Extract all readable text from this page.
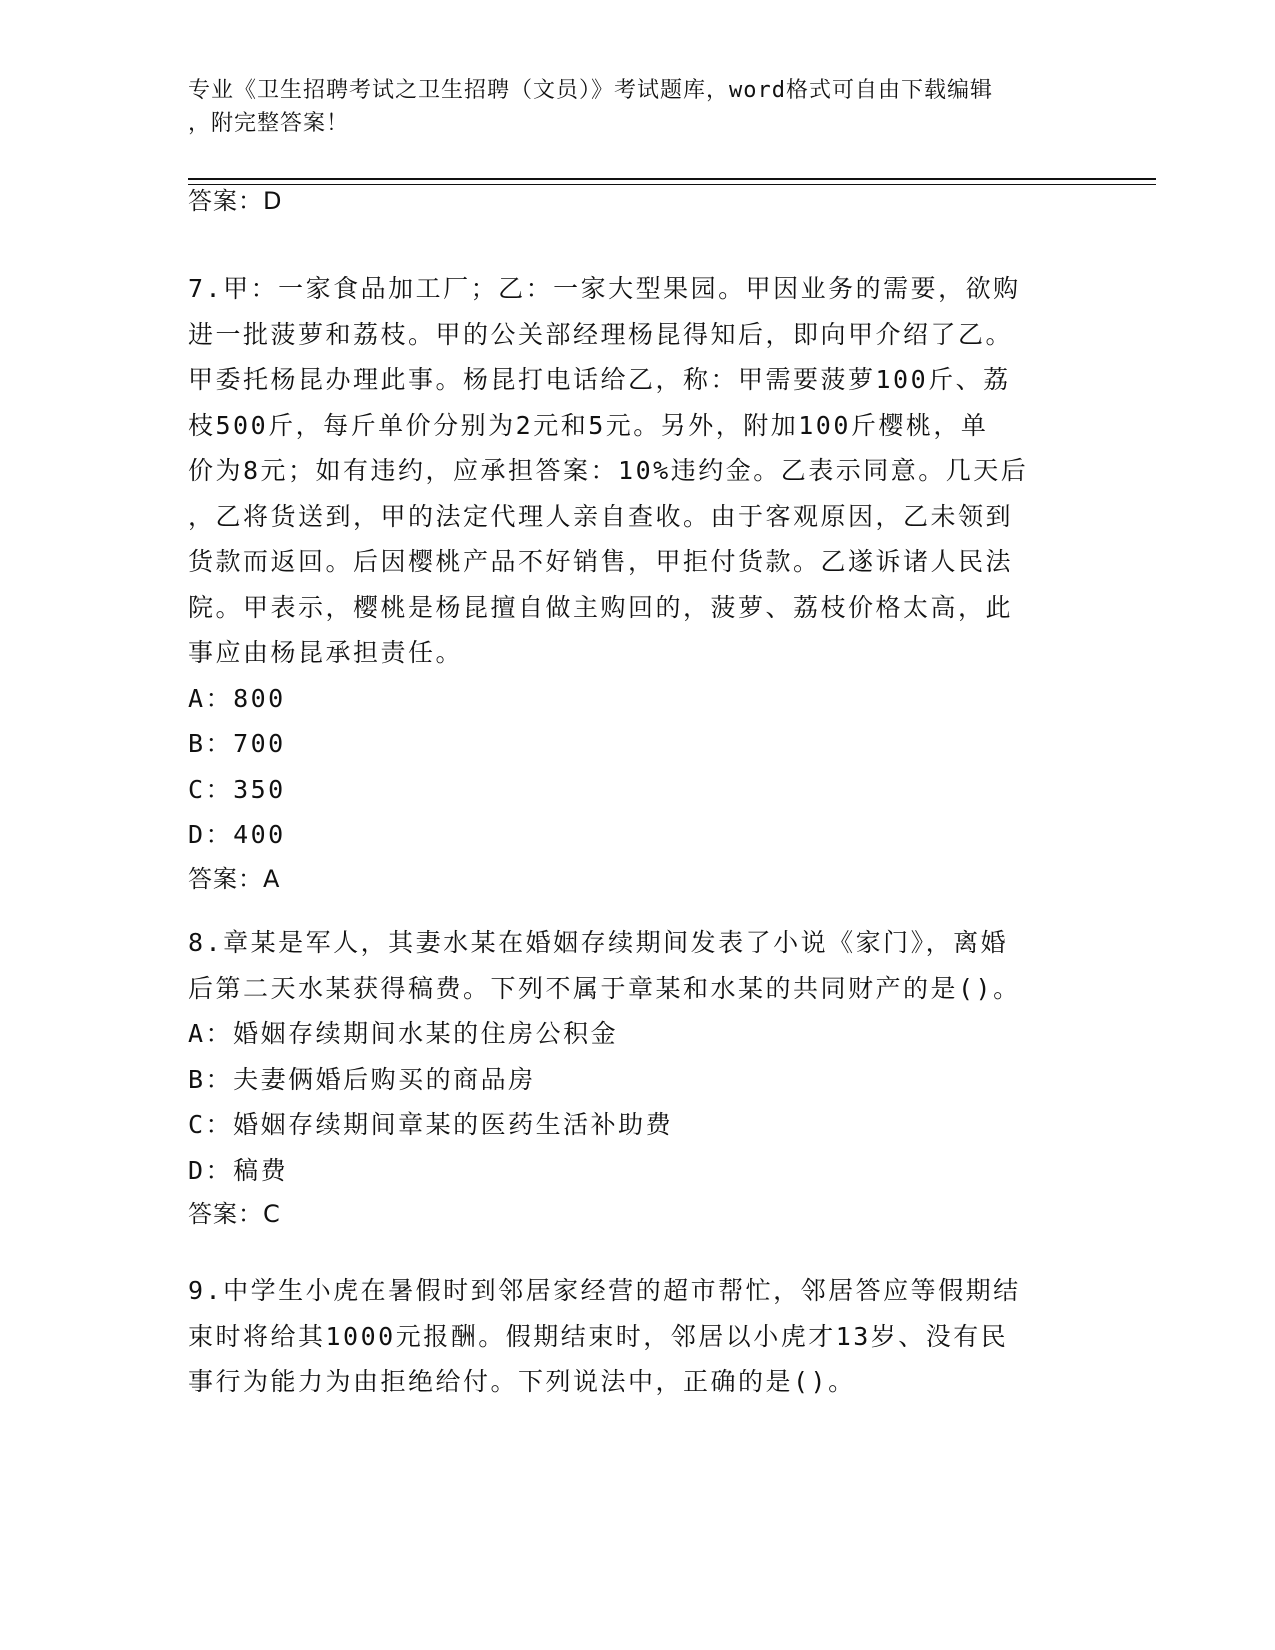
专业《卫生招聘考试之卫生招聘（文员）》考试题库，word格式可自由下载编辑
，附完整答案！
答案：D
7.甲：一家食品加工厂；乙：一家大型果园。甲因业务的需要，欲购
进一批菠萝和荔枝。甲的公关部经理杨昆得知后，即向甲介绍了乙。
甲委托杨昆办理此事。杨昆打电话给乙，称：甲需要菠萝100斤、荔
枝500斤，每斤单价分别为2元和5元。另外，附加100斤樱桃，单
价为8元；如有违约，应承担答案：10%违约金。乙表示同意。几天后
，乙将货送到，甲的法定代理人亲自查收。由于客观原因，乙未领到
货款而返回。后因樱桃产品不好销售，甲拒付货款。乙遂诉诸人民法
院。甲表示，樱桃是杨昆擅自做主购回的，菠萝、荔枝价格太高，此
事应由杨昆承担责任。
A：800
B：700
C：350
D：400
答案：A
8.章某是军人，其妻水某在婚姻存续期间发表了小说《家门》，离婚
后第二天水某获得稿费。下列不属于章某和水某的共同财产的是()。
A：婚姻存续期间水某的住房公积金
B：夫妻俩婚后购买的商品房
C：婚姻存续期间章某的医药生活补助费
D：稿费
答案：C
9.中学生小虎在暑假时到邻居家经营的超市帮忙，邻居答应等假期结
束时将给其1000元报酬。假期结束时，邻居以小虎才13岁、没有民
事行为能力为由拒绝给付。下列说法中，正确的是()。
